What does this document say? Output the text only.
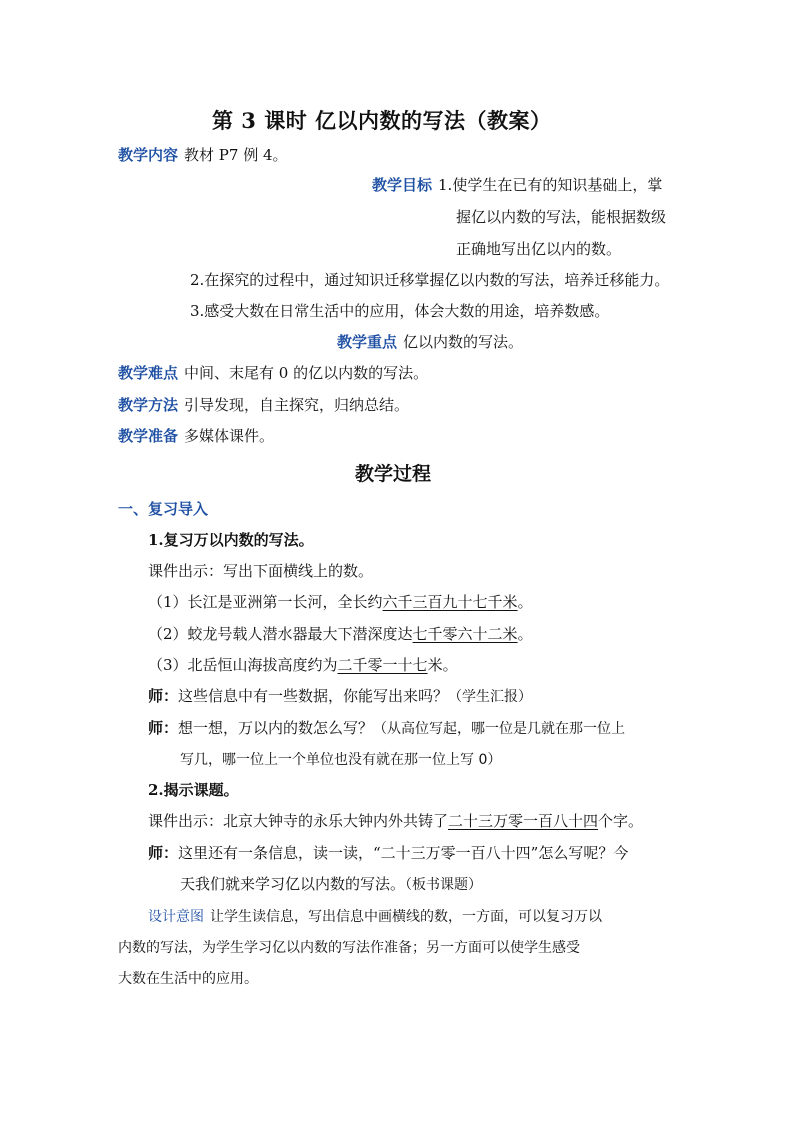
第 3 课时 亿以内数的写法（教案）
教学内容 教材 P7 例 4。
教学目标 1.使学生在已有的知识基础上，掌
握亿以内数的写法，能根据数级
正确地写出亿以内的数。
2.在探究的过程中，通过知识迁移掌握亿以内数的写法，培养迁移能力。
3.感受大数在日常生活中的应用，体会大数的用途，培养数感。
教学重点 亿以内数的写法。
教学难点 中间、末尾有 0 的亿以内数的写法。
教学方法 引导发现，自主探究，归纳总结。
教学准备 多媒体课件。
教学过程
一、复习导入
1.复习万以内数的写法。
课件出示：写出下面横线上的数。
（1）长江是亚洲第一长河，全长约六千三百九十七千米。
（2）蛟龙号载人潜水器最大下潜深度达七千零六十二米。
（3）北岳恒山海拔高度约为二千零一十七米。
师：这些信息中有一些数据，你能写出来吗？（学生汇报）
师：想一想，万以内的数怎么写？（从高位写起，哪一位是几就在那一位上
写几，哪一位上一个单位也没有就在那一位上写 0）
2.揭示课题。
课件出示：北京大钟寺的永乐大钟内外共铸了二十三万零一百八十四个字。
师：这里还有一条信息，读一读，“二十三万零一百八十四”怎么写呢？今
天我们就来学习亿以内数的写法。（板书课题）
设计意图 让学生读信息，写出信息中画横线的数，一方面，可以复习万以
内数的写法，为学生学习亿以内数的写法作准备；另一方面可以使学生感受
大数在生活中的应用。
